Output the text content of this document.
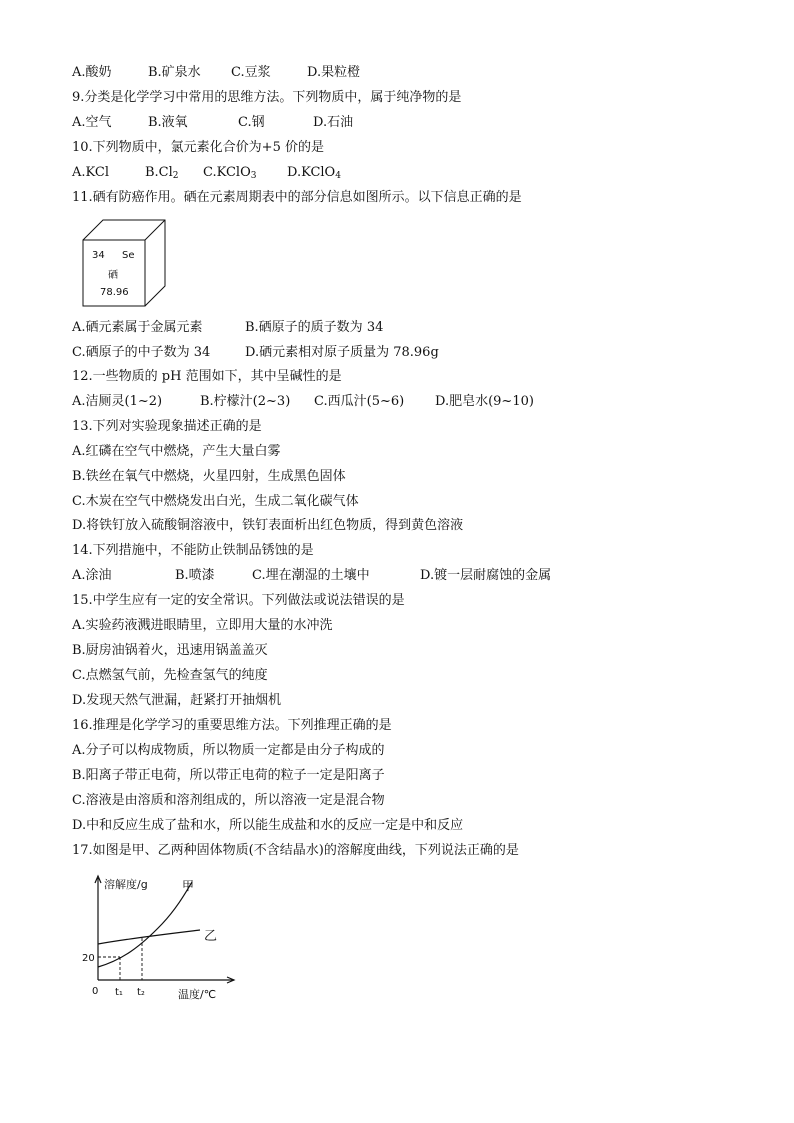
A.酸奶	B.矿泉水 C.豆浆	D.果粒橙
9.分类是化学学习中常用的思维方法。下列物质中，属于纯净物的是
A.空气	B.液氧	C.钢	D.石油
10.下列物质中，氯元素化合价为+5 价的是
A.KCl	$B.Cl_2$ C.KClO$_3$ D.KClO$_4$
11.硒有防癌作用。硒在元素周期表中的部分信息如图所示。以下信息正确的是
34 Se
硒
78.96
A.硒元素属于金属元素	B.硒原子的质子数为 34
C.硒原子的中子数为 34	D.硒元素相对原子质量为 78.96g
12.一些物质的 pH 范围如下，其中呈碱性的是
A.洁厕灵(1~2)	B.柠檬汁(2~3) C.西瓜汁(5~6) D.肥皂水(9~10)
13.下列对实验现象描述正确的是
A.红磷在空气中燃烧，产生大量白雾
B.铁丝在氧气中燃烧，火星四射，生成黑色固体
C.木炭在空气中燃烧发出白光，生成二氧化碳气体
D.将铁钉放入硫酸铜溶液中，铁钉表面析出红色物质，得到黄色溶液
14.下列措施中，不能防止铁制品锈蚀的是
A.涂油	B.喷漆	C.埋在潮湿的土壤中	D.镀一层耐腐蚀的金属
15.中学生应有一定的安全常识。下列做法或说法错误的是
A.实验药液溅进眼睛里，立即用大量的水冲洗
B.厨房油锅着火，迅速用锅盖盖灭
C.点燃氢气前，先检查氢气的纯度
D.发现天然气泄漏，赶紧打开抽烟机
16.推理是化学学习的重要思维方法。下列推理正确的是
A.分子可以构成物质，所以物质一定都是由分子构成的
B.阳离子带正电荷，所以带正电荷的粒子一定是阳离子
C.溶液是由溶质和溶剂组成的，所以溶液一定是混合物
D.中和反应生成了盐和水，所以能生成盐和水的反应一定是中和反应
17.如图是甲、乙两种固体物质(不含结晶水)的溶解度曲线，下列说法正确的是
溶解度/g	甲
乙
20
0 t₁ t₂	温度/℃
